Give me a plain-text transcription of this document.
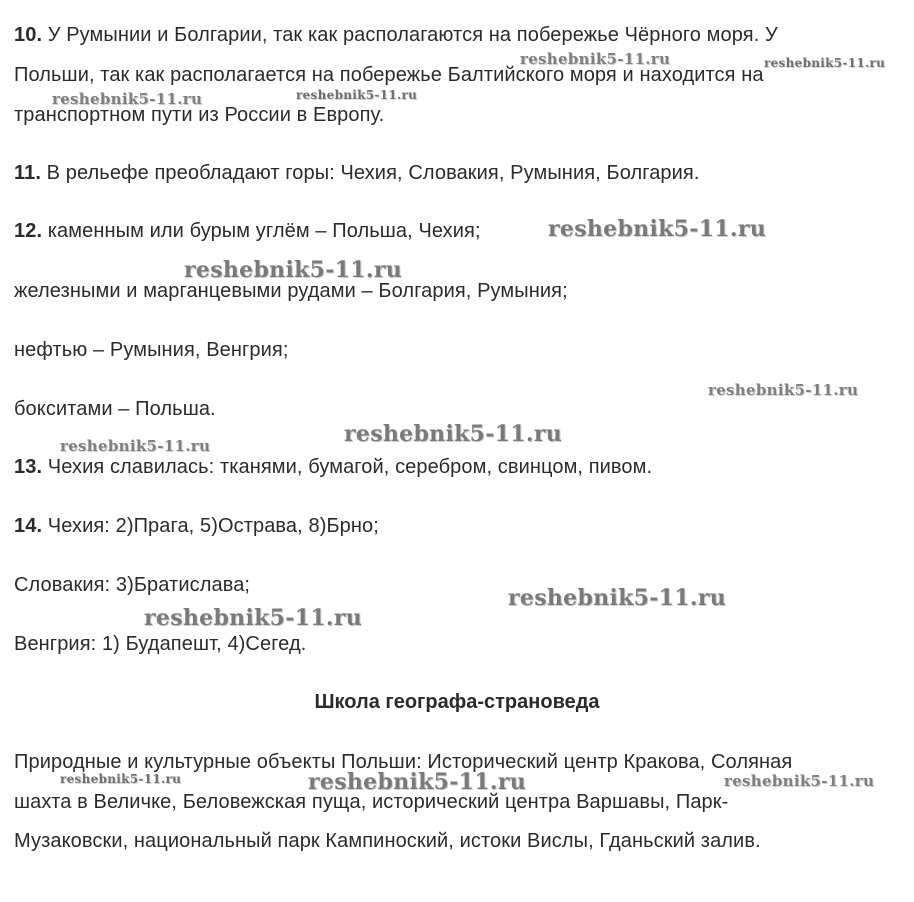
10. У Румынии и Болгарии, так как располагаются на побережье Чёрного моря. У
Польши, так как располагается на побережье Балтийского моря и находится на
транспортном пути из России в Европу.
11. В рельефе преобладают горы: Чехия, Словакия, Румыния, Болгария.
12. каменным или бурым углём – Польша, Чехия;
железными и марганцевыми рудами – Болгария, Румыния;
нефтью – Румыния, Венгрия;
бокситами – Польша.
13. Чехия славилась: тканями, бумагой, серебром, свинцом, пивом.
14. Чехия: 2)Прага, 5)Острава, 8)Брно;
Словакия: 3)Братислава;
Венгрия: 1) Будапешт, 4)Сегед.
Школа географа-страноведа
Природные и культурные объекты Польши: Исторический центр Кракова, Соляная
шахта в Величке, Беловежская пуща, исторический центра Варшавы, Парк-
Музаковски, национальный парк Кампиноский, истоки Вислы, Гданьский залив.
reshebnik5-11.ru	reshebnik5-11.ru
reshebnik5-11.ru	reshebnik5-11.ru
reshebnik5-11.ru
reshebnik5-11.ru
reshebnik5-11.ru
reshebnik5-11.ru
reshebnik5-11.ru
reshebnik5-11.ru
reshebnik5-11.ru
reshebnik5-11.ru	reshebnik5-11.ru	reshebnik5-11.ru
